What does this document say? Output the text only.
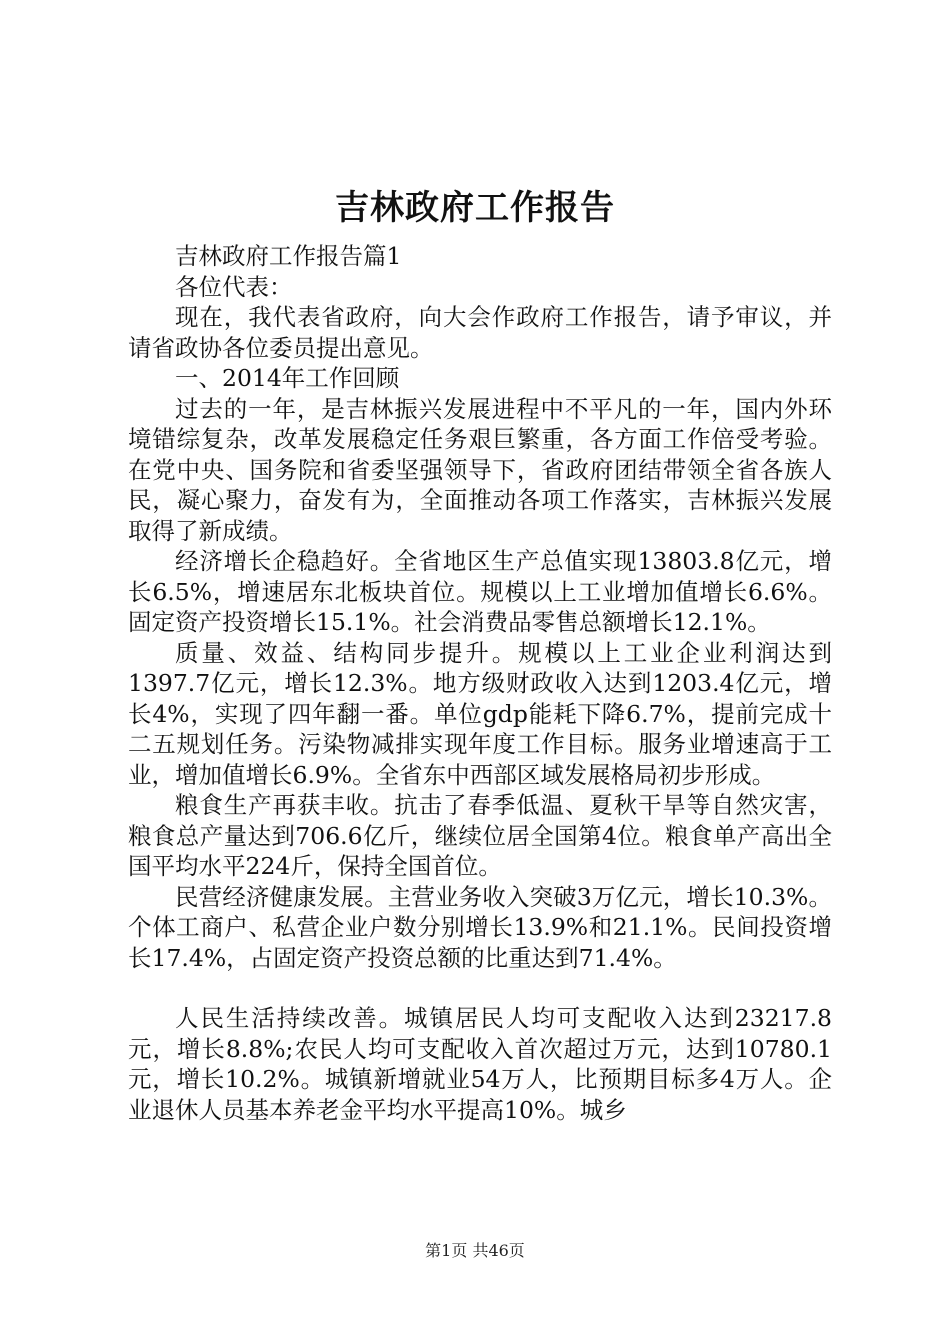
吉林政府工作报告

吉林政府工作报告篇1

各位代表：

现在，我代表省政府，向大会作政府工作报告，请予审议，并请省政协各位委员提出意见。

一、2014年工作回顾

过去的一年，是吉林振兴发展进程中不平凡的一年，国内外环境错综复杂，改革发展稳定任务艰巨繁重，各方面工作倍受考验。在党中央、国务院和省委坚强领导下，省政府团结带领全省各族人民，凝心聚力，奋发有为，全面推动各项工作落实，吉林振兴发展取得了新成绩。

经济增长企稳趋好。全省地区生产总值实现13803.8亿元，增长6.5%，增速居东北板块首位。规模以上工业增加值增长6.6%。固定资产投资增长15.1%。社会消费品零售总额增长12.1%。

质量、效益、结构同步提升。规模以上工业企业利润达到1397.7亿元，增长12.3%。地方级财政收入达到1203.4亿元，增长4%，实现了四年翻一番。单位gdp能耗下降6.7%，提前完成十二五规划任务。污染物减排实现年度工作目标。服务业增速高于工业，增加值增长6.9%。全省东中西部区域发展格局初步形成。

粮食生产再获丰收。抗击了春季低温、夏秋干旱等自然灾害，粮食总产量达到706.6亿斤，继续位居全国第4位。粮食单产高出全国平均水平224斤，保持全国首位。

民营经济健康发展。主营业务收入突破3万亿元，增长10.3%。个体工商户、私营企业户数分别增长13.9%和21.1%。民间投资增长17.4%，占固定资产投资总额的比重达到71.4%。

人民生活持续改善。城镇居民人均可支配收入达到23217.8元，增长8.8%;农民人均可支配收入首次超过万元，达到10780.1元，增长10.2%。城镇新增就业54万人，比预期目标多4万人。企业退休人员基本养老金平均水平提高10%。城乡

第1页 共46页
